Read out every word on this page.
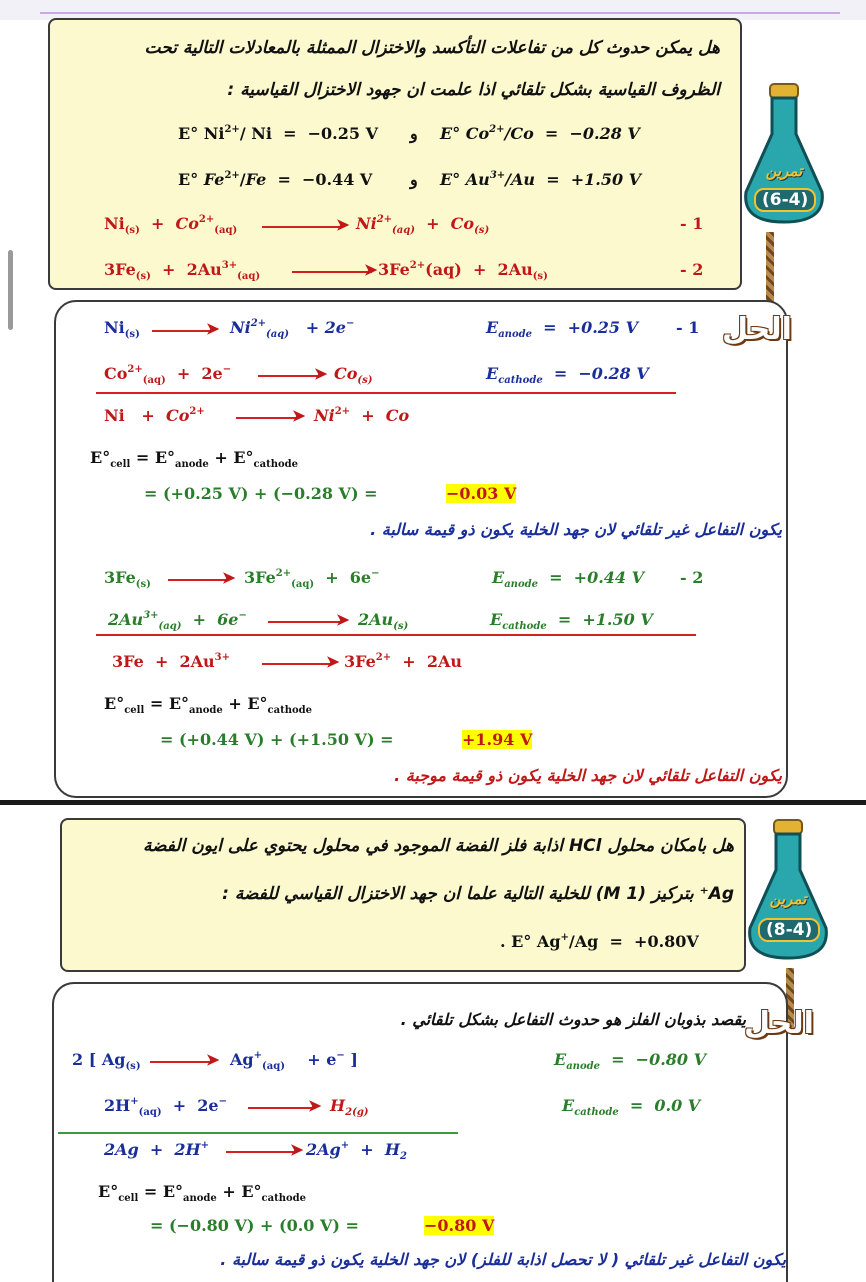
هل يمكن حدوث كل من تفاعلات التأكسد والاختزال الممثلة بالمعادلات التالية تحت
الظروف القياسية بشكل تلقائي اذا علمت ان جهود الاختزال القياسية :
E° $Ni^{2+}/$ Ni  =  −0.25 V و E° $Co^{2+}/Co = -0.28$ V
E° $Fe^{2+}/Fe = -0.44$ V و E° $Au^{3+}/Au = +1.50$ V
$Ni_{(s)} + Co^{2+}_{(aq)}$	➤ $Ni^{2+}_{(aq)} + Co_{(s)}$	- 1
$3Fe_{(s)} + 2Au^{3+}_{(aq)}$	➤ $3Fe^{2+}(aq) + 2Au_{(s)}$	- 2
تمرين
(6-4)
الحل
$Ni_{(s)}$	➤ $Ni^{2+}_{(aq)} + 2e^-$	$E_{anode} = +0.25$ V - 1
$Co^{2+}_{(aq)} + 2e^-$	➤ $Co_{(s)}$	$E_{cathode} = -0.28$ V
$Ni + Co^{2+}$	➤ $Ni^{2+} + Co$
$E^\circ_{cell} = E^\circ_{anode} + E^\circ_{cathode}$
= (+0.25 V) + (−0.28 V) =	−0.03 V
يكون التفاعل غير تلقائي لان جهد الخلية يكون ذو قيمة سالبة .
$3Fe_{(s)}$	➤ $3Fe^{2+}_{(aq)} + 6e^-$	$E_{anode} = +0.44$ V - 2
$2Au^{3+}_{(aq)} + 6e^-$	➤ $2Au_{(s)}$	$E_{cathode} = +1.50$ V
$3Fe + 2Au^{3+}$	➤ $3Fe^{2+} + 2Au$
$E^\circ_{cell} = E^\circ_{anode} + E^\circ_{cathode}$
= (+0.44 V) + (+1.50 V) =	+1.94 V
يكون التفاعل تلقائي لان جهد الخلية يكون ذو قيمة موجبة .
هل بامكان محلول HCl اذابة فلز الفضة الموجود في محلول يحتوي على ايون الفضة
Ag⁺ بتركيز (1 M) للخلية التالية علما ان جهد الاختزال القياسي للفضة :
. E° Ag+/Ag  =  +0.80V
تمرين
(8-4)
الحل
يقصد بذوبان الفلز هو حدوث التفاعل بشكل تلقائي .
2 [ $Ag_{(s)}$	➤ $Ag^+_{(aq)}$    + e− ]	$E_{anode} = -0.80$ V
$2H^+_{(aq)} + 2e^-$	➤ $H_{2(g)}$	$E_{cathode} = 0.0$ V
2Ag  +  2H+	➤ $2Ag^+ + H_2$
$E^\circ_{cell} = E^\circ_{anode} + E^\circ_{cathode}$
= (−0.80 V) + (0.0 V) =	−0.80 V
يكون التفاعل غير تلقائي ( لا تحصل اذابة للفلز) لان جهد الخلية يكون ذو قيمة سالبة .
